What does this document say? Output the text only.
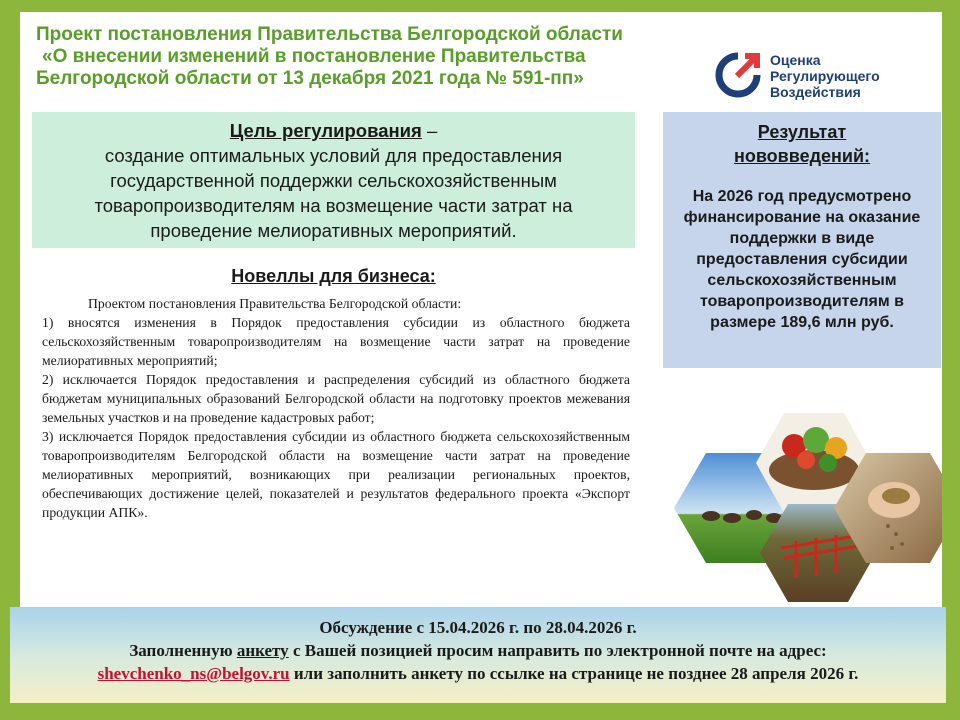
Проект постановления Правительства Белгородской области
«О внесении изменений в постановление Правительства
Белгородской области от 13 декабря 2021 года № 591-пп»
Оценка
Регулирующего
Воздействия
Цель регулирования –
создание оптимальных условий для предоставления государственной поддержки сельскохозяйственным товаропроизводителям на возмещение части затрат на проведение мелиоративных мероприятий.
Результат
нововведений:
На 2026 год предусмотрено финансирование на оказание поддержки в виде предоставления субсидии сельскохозяйственным товаропроизводителям в размере 189,6 млн руб.
Новеллы для бизнеса:

Проектом постановления Правительства Белгородской области:

1) вносятся изменения в Порядок предоставления субсидии из областного бюджета сельскохозяйственным товаропроизводителям на возмещение части затрат на проведение мелиоративных мероприятий;

2) исключается Порядок предоставления и распределения субсидий из областного бюджета бюджетам муниципальных образований Белгородской области на подготовку проектов межевания земельных участков и на проведение кадастровых работ;

3) исключается Порядок предоставления субсидии из областного бюджета сельскохозяйственным товаропроизводителям Белгородской области на возмещение части затрат на проведение мелиоративных мероприятий, возникающих при реализации региональных проектов, обеспечивающих достижение целей, показателей и результатов федерального проекта «Экспорт продукции АПК».

Обсуждение с 15.04.2026 г. по 28.04.2026 г.
Заполненную анкету с Вашей позицией просим направить по электронной почте на адрес:
shevchenko_ns@belgov.ru или заполнить анкету по ссылке на странице не позднее 28 апреля 2026 г.
